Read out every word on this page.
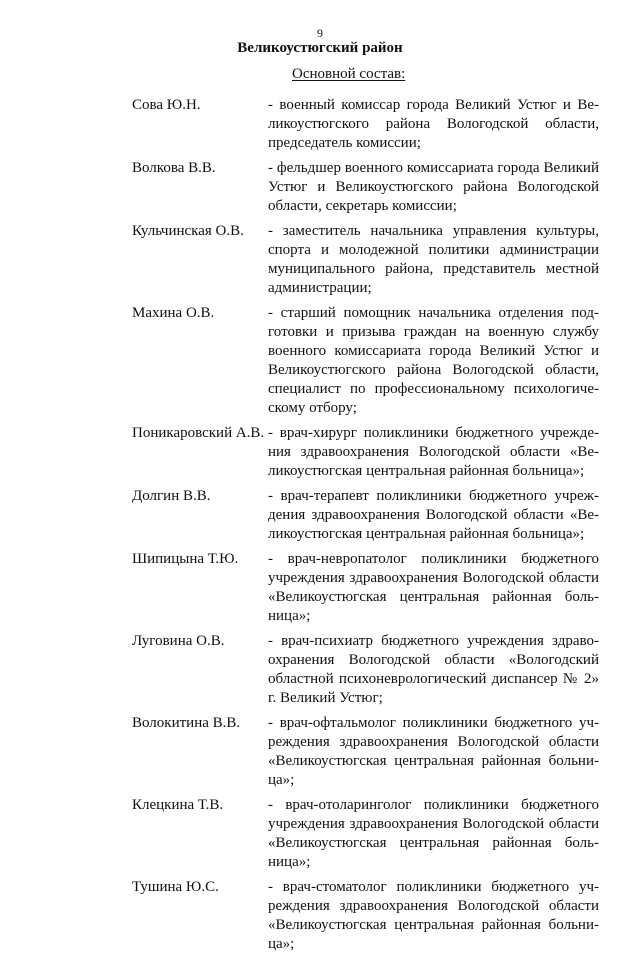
9
Великоустюгский район
Основной состав:
Сова Ю.Н.	- военный комиссар города Великий Устюг и Великоустюгского района Вологодской области, председатель комиссии;
Волкова В.В.	- фельдшер военного комиссариата города Великий Устюг и Великоустюгского района Вологодской области, секретарь комиссии;
Кульчинская О.В. - заместитель начальника управления культуры, спорта и молодежной политики администрации муниципального района, представитель местной администрации;
Махина О.В.	- старший помощник начальника отделения подготовки и призыва граждан на военную службу военного комиссариата города Великий Устюг и Великоустюгского района Вологодской области, специалист по профессиональному психологическому отбору;
Поникаровский А.В. - врач-хирург поликлиники бюджетного учреждения здравоохранения Вологодской области «Великоустюгская центральная районная больница»;
Долгин В.В.	- врач-терапевт поликлиники бюджетного учреждения здравоохранения Вологодской области «Великоустюгская центральная районная больница»;
Шипицына Т.Ю. - врач-невропатолог поликлиники бюджетного учреждения здравоохранения Вологодской области «Великоустюгская центральная районная больница»;
Луговина О.В.	- врач-психиатр бюджетного учреждения здравоохранения Вологодской области «Вологодский областной психоневрологический диспансер № 2» г. Великий Устюг;
Волокитина В.В. - врач-офтальмолог поликлиники бюджетного учреждения здравоохранения Вологодской области «Великоустюгская центральная районная больница»;
Клецкина Т.В.	- врач-отоларинголог поликлиники бюджетного учреждения здравоохранения Вологодской области «Великоустюгская центральная районная больница»;
Тушина Ю.С.	- врач-стоматолог поликлиники бюджетного учреждения здравоохранения Вологодской области «Великоустюгская центральная районная больница»;
